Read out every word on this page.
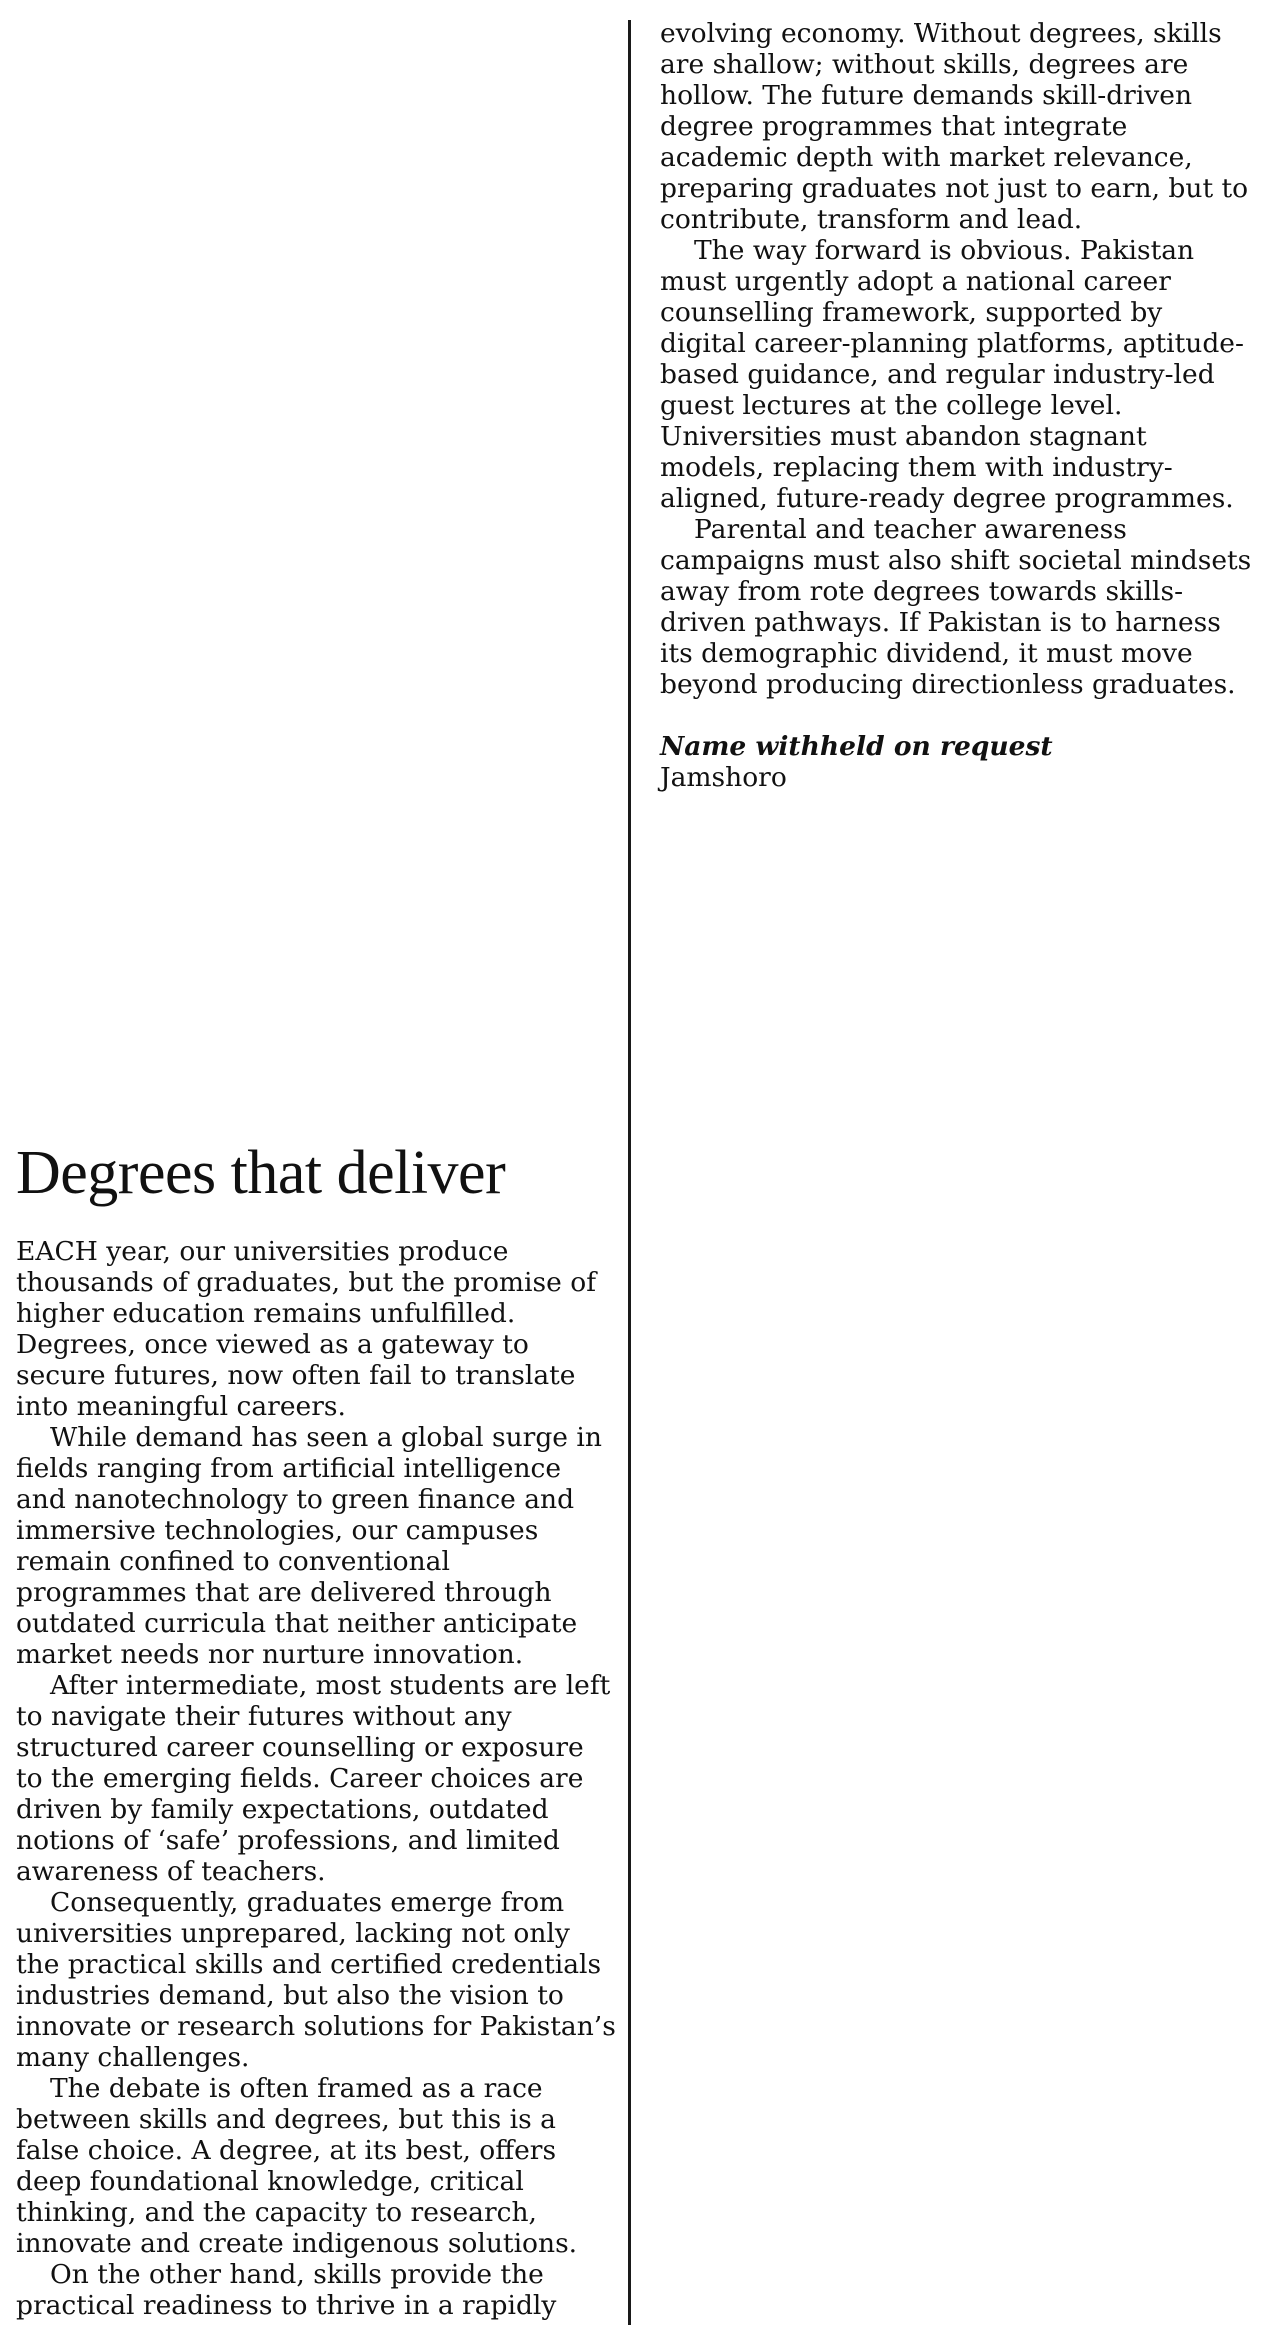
evolving economy. Without degrees, skills are shallow; without skills, degrees are hollow. The future demands skill-driven degree programmes that integrate academic depth with market relevance, preparing graduates not just to earn, but to contribute, transform and lead.

The way forward is obvious. Pakistan must urgently adopt a national career counselling framework, supported by digital career-planning platforms, aptitude-based guidance, and regular industry-led guest lectures at the college level. Universities must abandon stagnant models, replacing them with industry-aligned, future-ready degree programmes.

Parental and teacher awareness campaigns must also shift societal mindsets away from rote degrees towards skills-driven pathways. If Pakistan is to harness its demographic dividend, it must move beyond producing directionless graduates.

Name withheld on request

Jamshoro

Degrees that deliver

EACH year, our universities produce thousands of graduates, but the promise of higher education remains unfulfilled. Degrees, once viewed as a gateway to secure futures, now often fail to translate into meaningful careers.

While demand has seen a global surge in fields ranging from artificial intelligence and nanotechnology to green finance and immersive technologies, our campuses remain confined to conventional programmes that are delivered through outdated curricula that neither anticipate market needs nor nurture innovation.

After intermediate, most students are left to navigate their futures without any structured career counselling or exposure to the emerging fields. Career choices are driven by family expectations, outdated notions of ‘safe’ professions, and limited awareness of teachers.

Consequently, graduates emerge from universities unprepared, lacking not only the practical skills and certified credentials industries demand, but also the vision to innovate or research solutions for Pakistan’s many challenges.

The debate is often framed as a race between skills and degrees, but this is a false choice. A degree, at its best, offers deep foundational knowledge, critical thinking, and the capacity to research, innovate and create indigenous solutions.

On the other hand, skills provide the practical readiness to thrive in a rapidly
